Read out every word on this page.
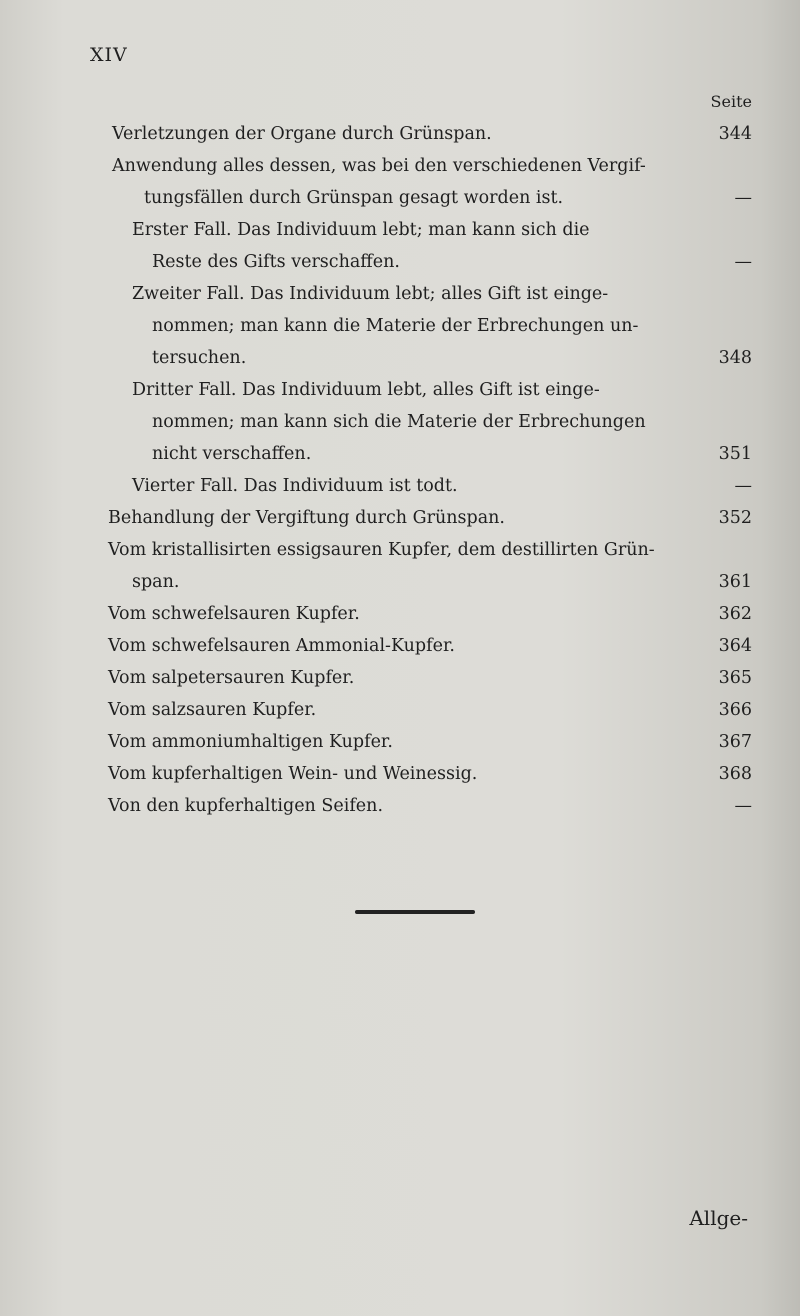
XIV
Seite
Verletzungen der Organe durch Grünspan.	344
Anwendung alles dessen, was bei den verschiedenen Vergif-
tungsfällen durch Grünspan gesagt worden ist.	—
Erster Fall. Das Individuum lebt; man kann sich die
Reste des Gifts verschaffen.	—
Zweiter Fall. Das Individuum lebt; alles Gift ist einge-
nommen; man kann die Materie der Erbrechungen un-
tersuchen.	348
Dritter Fall. Das Individuum lebt, alles Gift ist einge-
nommen; man kann sich die Materie der Erbrechungen
nicht verschaffen.	351
Vierter Fall. Das Individuum ist todt.	—
Behandlung der Vergiftung durch Grünspan.	352
Vom kristallisirten essigsauren Kupfer, dem destillirten Grün-
span.	361
Vom schwefelsauren Kupfer.	362
Vom schwefelsauren Ammonial-Kupfer.	364
Vom salpetersauren Kupfer.	365
Vom salzsauren Kupfer.	366
Vom ammoniumhaltigen Kupfer.	367
Vom kupferhaltigen Wein- und Weinessig.	368
Von den kupferhaltigen Seifen.	—
Allge-
